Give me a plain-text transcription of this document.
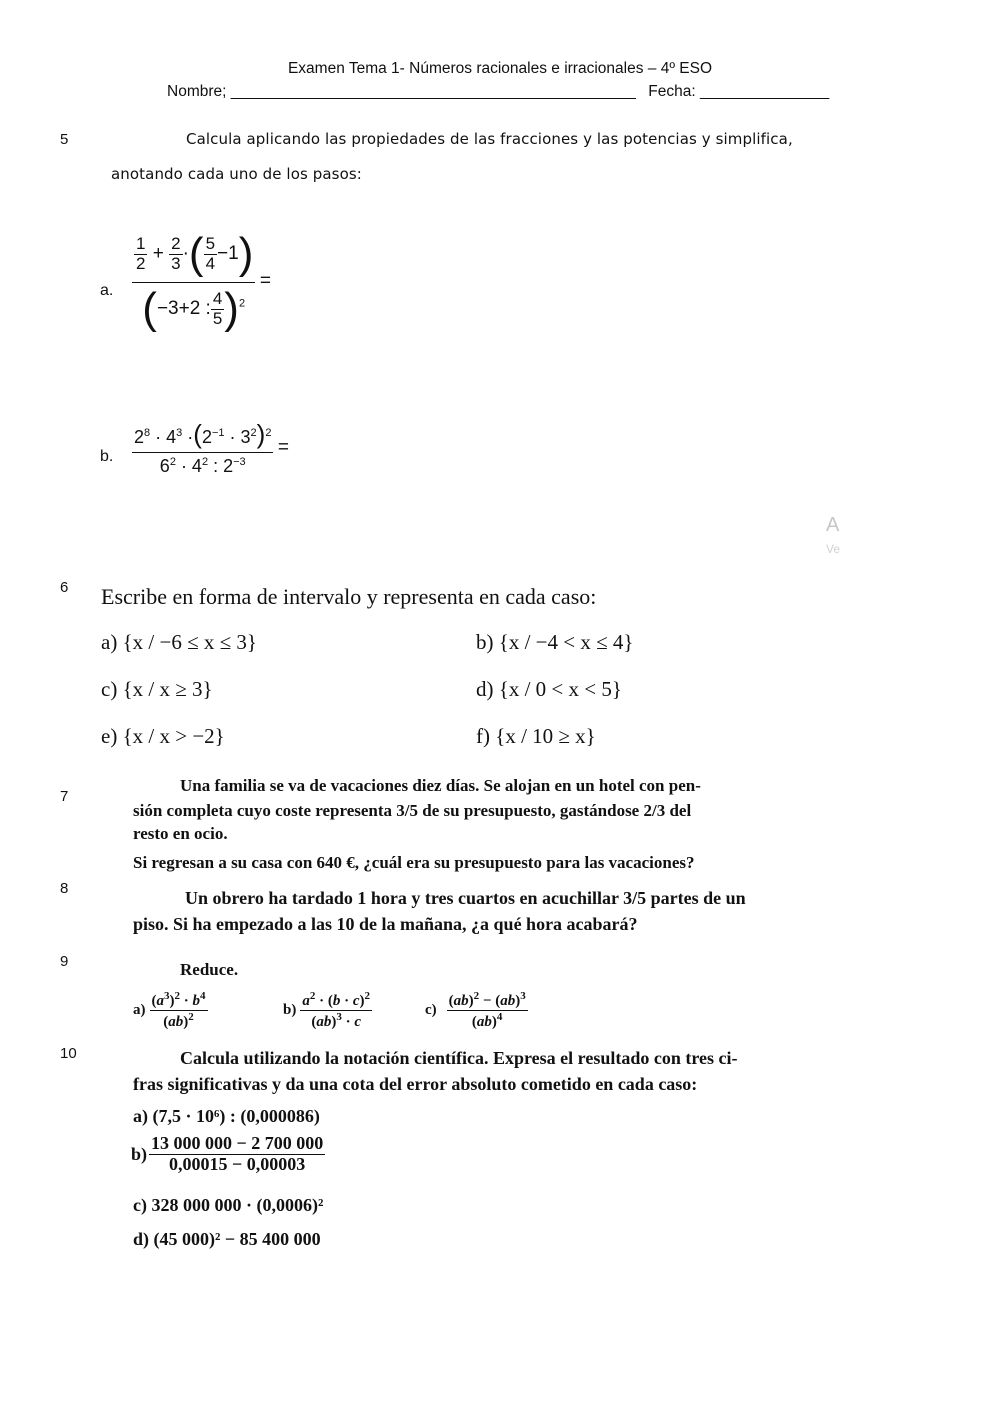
Examen Tema 1- Números racionales e irracionales – 4º ESO
Nombre; _______________________________________________ Fecha: _______________
5	Calcula aplicando las propiedades de las fracciones y las potencias y simplifica,
anotando cada uno de los pasos:
a. $\frac{\frac{1}{2} + \frac{2}{3} \cdot( \frac{5}{4} -1)}{(-3+2 : \frac{4}{5} )^2}$ =
b. $\frac{2^8 \cdot 4^3 \cdot(2^{-1} \cdot 3^2)^2}{6^2 \cdot 4^2 : 2^{-3}}$ =
A
Ve
6 Escribe en forma de intervalo y representa en cada caso:
a) {x / −6 ≤ x ≤ 3}	b) {x / −4 < x ≤ 4}
c) {x / x ≥ 3}	d) {x / 0 < x < 5}
e) {x / x > −2}	f) {x / 10 ≥ x}
7
Una familia se va de vacaciones diez días. Se alojan en un hotel con pen-
sión completa cuyo coste representa 3/5 de su presupuesto, gastándose 2/3 del
resto en ocio.
Si regresan a su casa con 640 €, ¿cuál era su presupuesto para las vacaciones?
8	Un obrero ha tardado 1 hora y tres cuartos en acuchillar 3/5 partes de un
piso. Si ha empezado a las 10 de la mañana, ¿a qué hora acabará?
9	Reduce.
$a) \frac{(a^3)^2 \cdot b^4}{(ab)^2}$	$b) \frac{a^2 \cdot (b \cdot c)^2}{(ab)^3 \cdot c}$	$c) \frac{(ab)^2 - (ab)^3}{(ab)^4}$
10	Calcula utilizando la notación científica. Expresa el resultado con tres ci-
fras significativas y da una cota del error absoluto cometido en cada caso:
a) (7,5 · 10⁶) : (0,000086)
$b) \frac{13 000 000 - 2 700 000}{0,00015 - 0,00003}$
c) 328 000 000 · (0,0006)²
d) (45 000)² − 85 400 000
